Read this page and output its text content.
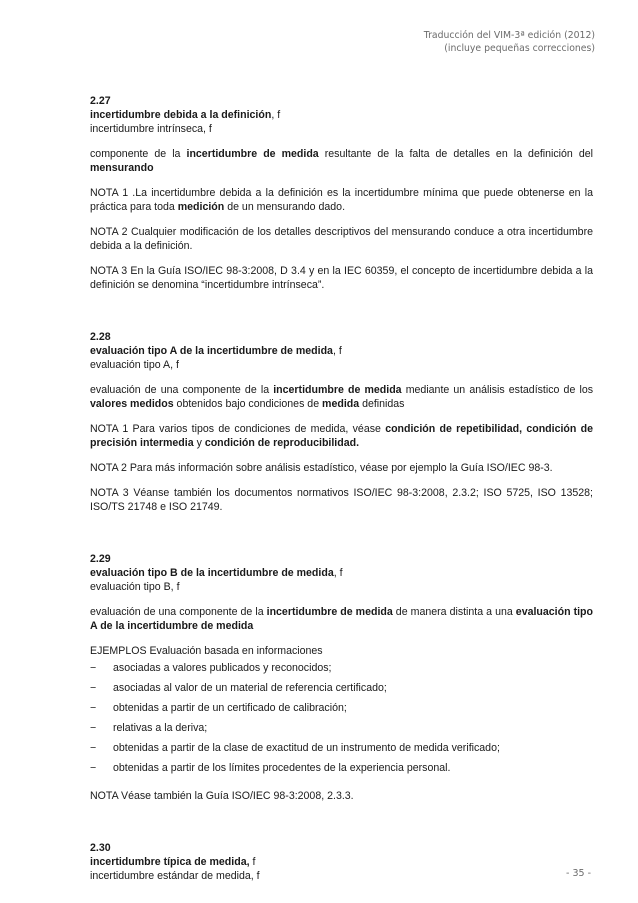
Traducción del VIM-3ª edición (2012)
(incluye pequeñas correcciones)
2.27
incertidumbre debida a la definición, f
incertidumbre intrínseca, f

componente de la incertidumbre de medida resultante de la falta de detalles en la definición del mensurando

NOTA 1 .La incertidumbre debida a la definición es la incertidumbre mínima que puede obtenerse en la práctica para toda medición de un mensurando dado.

NOTA 2 Cualquier modificación de los detalles descriptivos del mensurando conduce a otra incertidumbre debida a la definición.

NOTA 3 En la Guía ISO/IEC 98-3:2008, D 3.4 y en la IEC 60359, el concepto de incertidumbre debida a la definición se denomina “incertidumbre intrínseca”.

2.28
evaluación tipo A de la incertidumbre de medida, f
evaluación tipo A, f

evaluación de una componente de la incertidumbre de medida mediante un análisis estadístico de los valores medidos obtenidos bajo condiciones de medida definidas

NOTA 1 Para varios tipos de condiciones de medida, véase condición de repetibilidad, condición de precisión intermedia y condición de reproducibilidad.

NOTA 2 Para más información sobre análisis estadístico, véase por ejemplo la Guía ISO/IEC 98-3.

NOTA 3 Véanse también los documentos normativos ISO/IEC 98-3:2008, 2.3.2; ISO 5725, ISO 13528; ISO/TS 21748 e ISO 21749.

2.29
evaluación tipo B de la incertidumbre de medida, f
evaluación tipo B, f

evaluación de una componente de la incertidumbre de medida de manera distinta a una evaluación tipo A de la incertidumbre de medida

EJEMPLOS Evaluación basada en informaciones

− asociadas a valores publicados y reconocidos;
− asociadas al valor de un material de referencia certificado;
− obtenidas a partir de un certificado de calibración;
− relativas a la deriva;
− obtenidas a partir de la clase de exactitud de un instrumento de medida verificado;
− obtenidas a partir de los límites procedentes de la experiencia personal.

NOTA Véase también la Guía ISO/IEC 98-3:2008, 2.3.3.

2.30
incertidumbre típica de medida, f
incertidumbre estándar de medida, f	- 35 -
